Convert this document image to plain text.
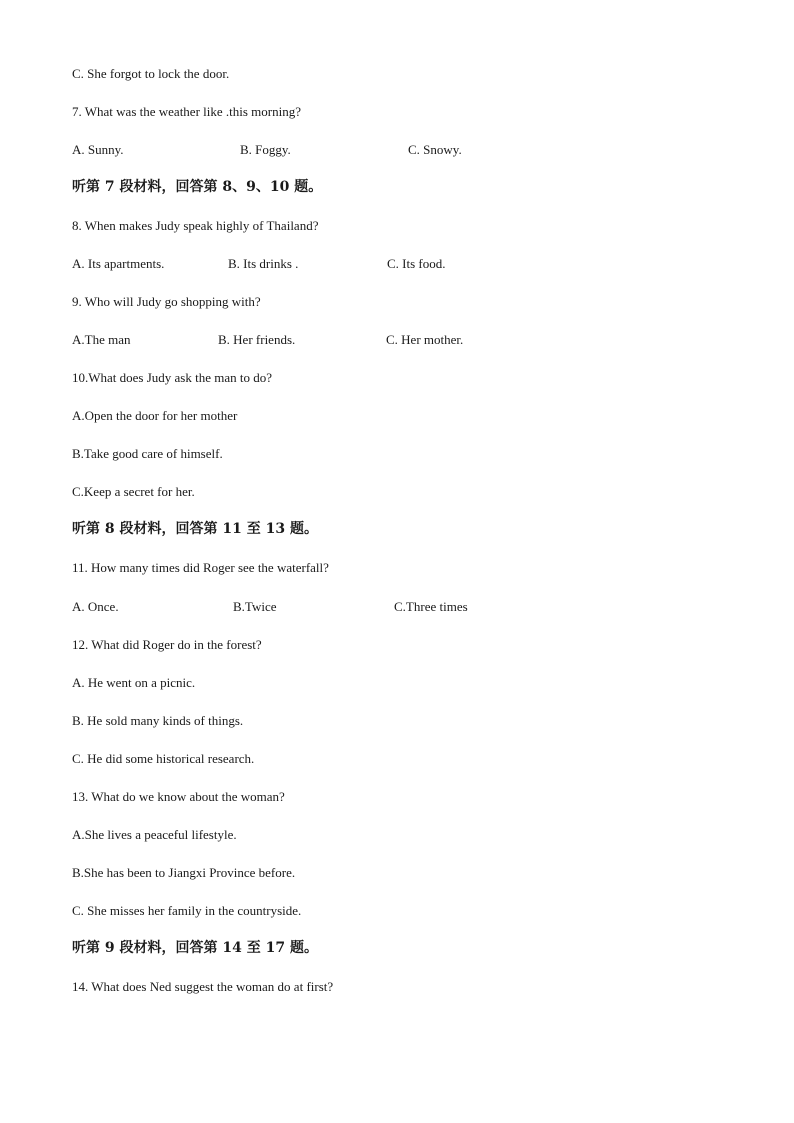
C. She forgot to lock the door.
7. What was the weather like .this morning?
A. Sunny.	B. Foggy.	C. Snowy.
听第 7 段材料，回答第 8、9、10 题。
8. When makes Judy speak highly of Thailand?
A. Its apartments.	B. Its drinks .	C. Its food.
9. Who will Judy go shopping with?
A.The man	B. Her friends.	C. Her mother.
10.What does Judy ask the man to do?
A.Open the door for her mother
B.Take good care of himself.
C.Keep a secret for her.
听第 8 段材料，回答第 11 至 13 题。
11. How many times did Roger see the waterfall?
A. Once.	B.Twice	C.Three times
12. What did Roger do in the forest?
A. He went on a picnic.
B. He sold many kinds of things.
C. He did some historical research.
13. What do we know about the woman?
A.She lives a peaceful lifestyle.
B.She has been to Jiangxi Province before.
C. She misses her family in the countryside.
听第 9 段材料，回答第 14 至 17 题。
14. What does Ned suggest the woman do at first?
